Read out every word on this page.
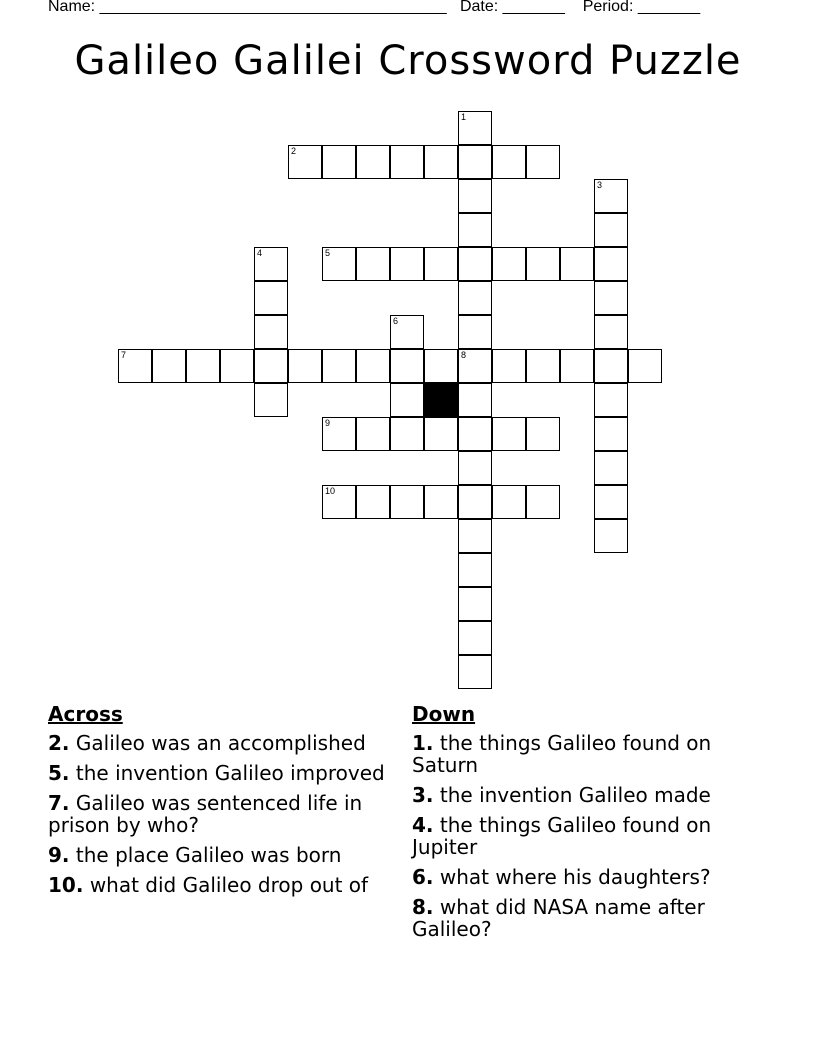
Name: _______________________________________   Date: _______    Period: _______
Galileo Galilei Crossword Puzzle
1
8
2
3
4	5
6
7
9
10
Across
2. Galileo was an accomplished
5. the invention Galileo improved
7. Galileo was sentenced life in prison by who?
9. the place Galileo was born
10. what did Galileo drop out of
Down
1. the things Galileo found on Saturn
3. the invention Galileo made
4. the things Galileo found on Jupiter
6. what where his daughters?
8. what did NASA name after Galileo?
